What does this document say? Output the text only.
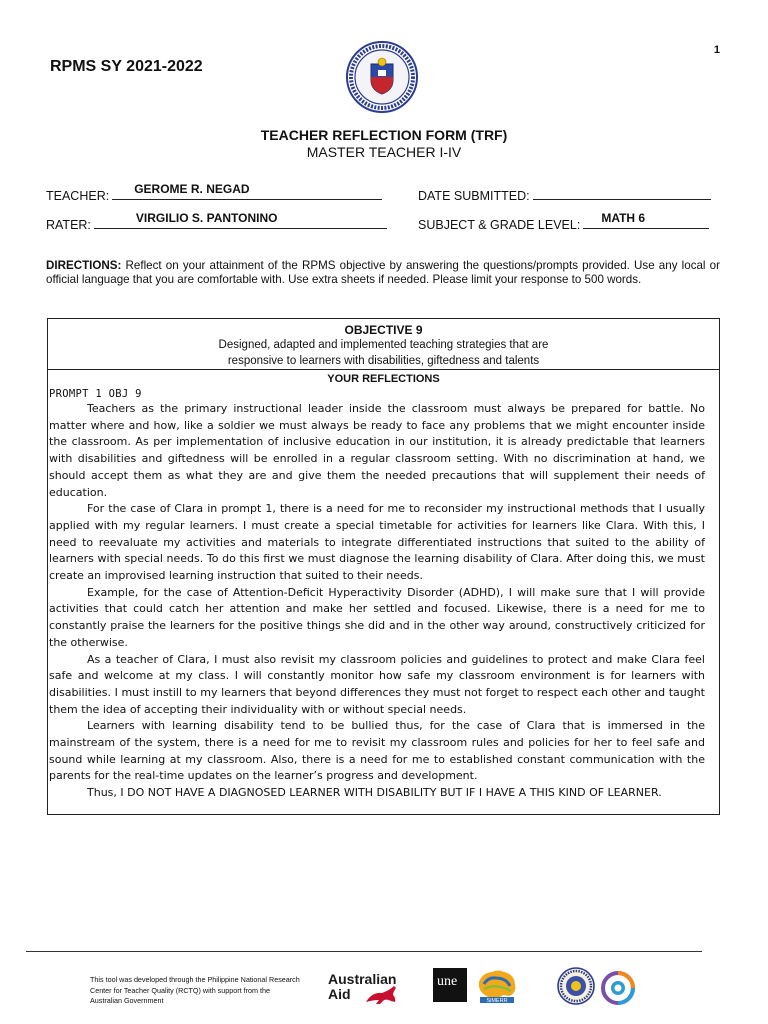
1
RPMS SY 2021-2022
TEACHER REFLECTION FORM (TRF)
MASTER TEACHER I-IV
TEACHER: GEROME R. NEGAD	DATE SUBMITTED:
RATER:	VIRGILIO S. PANTONINO	SUBJECT & GRADE LEVEL: MATH 6
DIRECTIONS: Reflect on your attainment of the RPMS objective by answering the questions/prompts provided. Use any local or official language that you are comfortable with. Use extra sheets if needed. Please limit your response to 500 words.
OBJECTIVE 9
Designed, adapted and implemented teaching strategies that are
responsive to learners with disabilities, giftedness and talents
YOUR REFLECTIONS
PROMPT 1 OBJ 9

Teachers as the primary instructional leader inside the classroom must always be prepared for battle. No matter where and how, like a soldier we must always be ready to face any problems that we might encounter inside the classroom. As per implementation of inclusive education in our institution, it is already predictable that learners with disabilities and giftedness will be enrolled in a regular classroom setting. With no discrimination at hand, we should accept them as what they are and give them the needed precautions that will supplement their needs of education.

For the case of Clara in prompt 1, there is a need for me to reconsider my instructional methods that I usually applied with my regular learners. I must create a special timetable for activities for learners like Clara. With this, I need to reevaluate my activities and materials to integrate differentiated instructions that suited to the ability of learners with special needs. To do this first we must diagnose the learning disability of Clara. After doing this, we must create an improvised learning instruction that suited to their needs.

Example, for the case of Attention-Deficit Hyperactivity Disorder (ADHD), I will make sure that I will provide activities that could catch her attention and make her settled and focused. Likewise, there is a need for me to constantly praise the learners for the positive things she did and in the other way around, constructively criticized for the otherwise.

As a teacher of Clara, I must also revisit my classroom policies and guidelines to protect and make Clara feel safe and welcome at my class. I will constantly monitor how safe my classroom environment is for learners with disabilities. I must instill to my learners that beyond differences they must not forget to respect each other and taught them the idea of accepting their individuality with or without special needs.

Learners with learning disability tend to be bullied thus, for the case of Clara that is immersed in the mainstream of the system, there is a need for me to revisit my classroom rules and policies for her to feel safe and sound while learning at my classroom. Also, there is a need for me to established constant communication with the parents for the real-time updates on the learner’s progress and development.

Thus, I DO NOT HAVE A DIAGNOSED LEARNER WITH DISABILITY BUT IF I HAVE A THIS KIND OF LEARNER.

This tool was developed through the Philippine National Research Center for Teacher Quality (RCTQ) with support from the Australian Government
Australian
Aid
une
SiMERR
